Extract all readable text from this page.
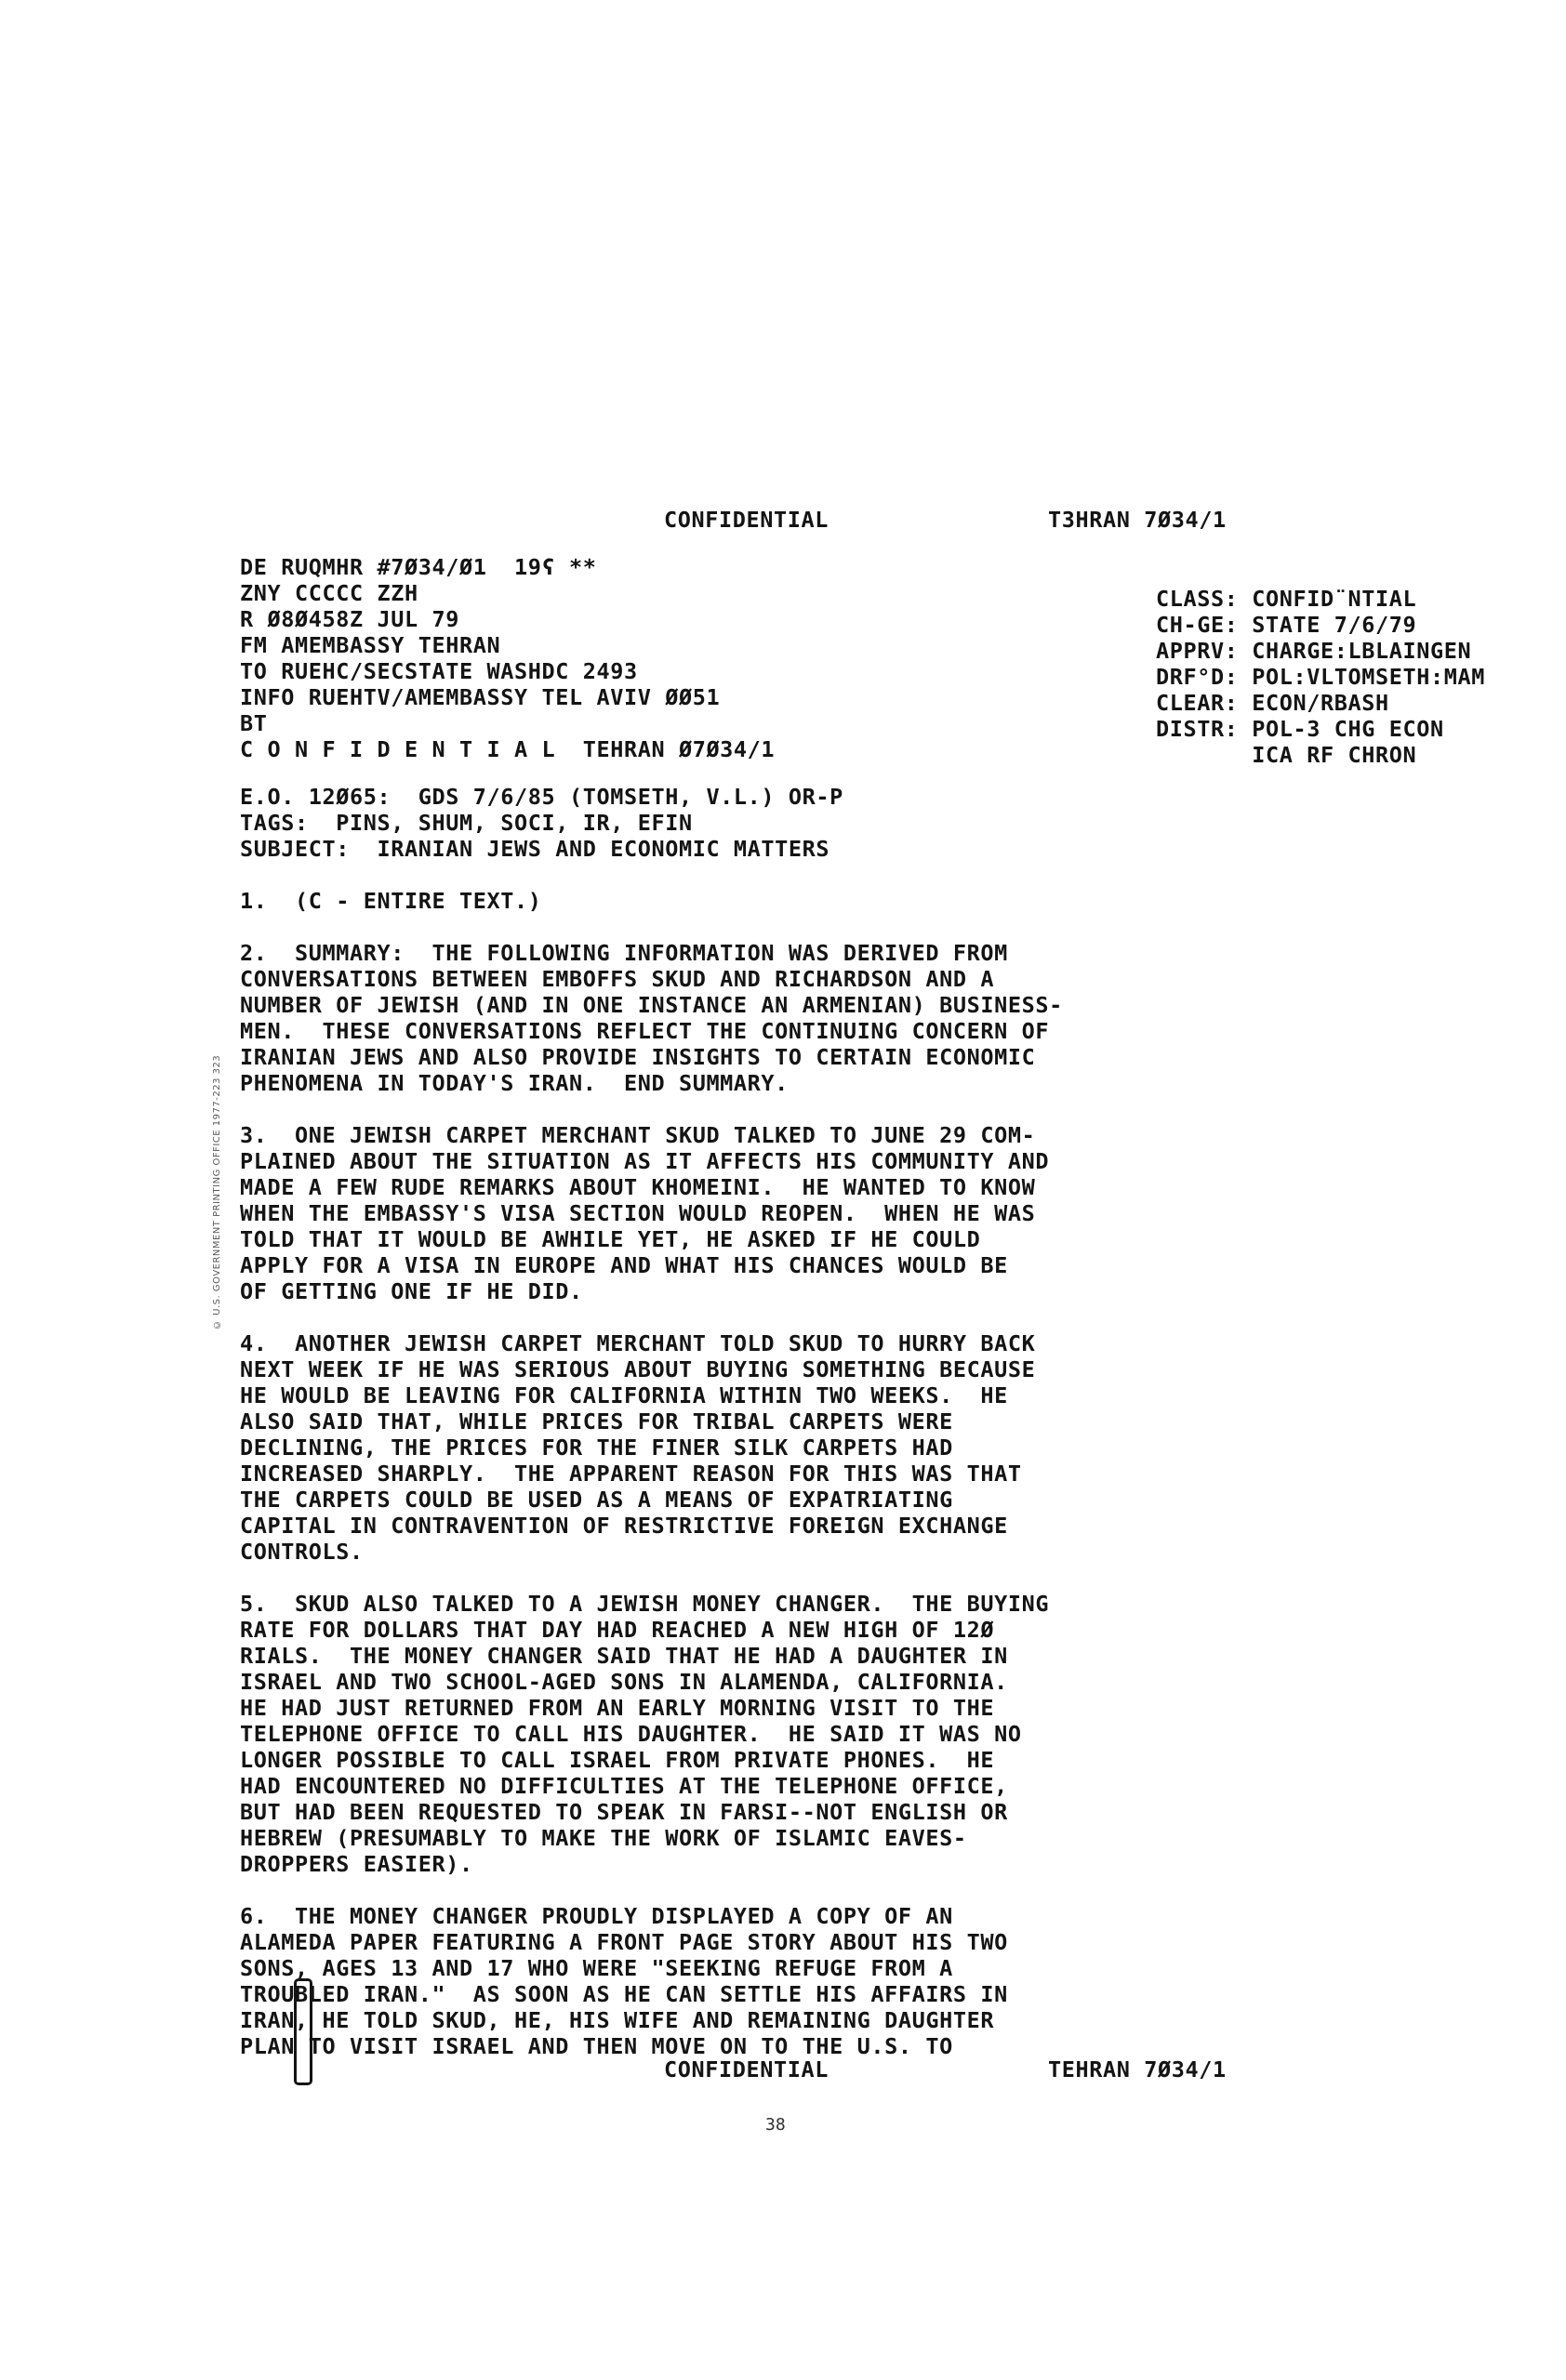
CONFIDENTIAL	T3HRAN 7Ø34/1
DE RUQMHR #7Ø34/Ø1  19ʕ **
ZNY CCCCC ZZH
R Ø8Ø458Z JUL 79
FM AMEMBASSY TEHRAN
TO RUEHC/SECSTATE WASHDC 2493
INFO RUEHTV/AMEMBASSY TEL AVIV ØØ51
BT
C O N F I D E N T I A L  TEHRAN Ø7Ø34/1
CLASS: CONFID¨NTIAL
CH-GE: STATE 7/6/79
APPRV: CHARGE:LBLAINGEN
DRF°D: POL:VLTOMSETH:MAM
CLEAR: ECON/RBASH
DISTR: POL-3 CHG ECON
ICA RF CHRON

E.O. 12Ø65:  GDS 7/6/85 (TOMSETH, V.L.) OR-P
TAGS:  PINS, SHUM, SOCI, IR, EFIN
SUBJECT:  IRANIAN JEWS AND ECONOMIC MATTERS

1.  (C - ENTIRE TEXT.)

2.  SUMMARY:  THE FOLLOWING INFORMATION WAS DERIVED FROM
CONVERSATIONS BETWEEN EMBOFFS SKUD AND RICHARDSON AND A
NUMBER OF JEWISH (AND IN ONE INSTANCE AN ARMENIAN) BUSINESS-
MEN.  THESE CONVERSATIONS REFLECT THE CONTINUING CONCERN OF
IRANIAN JEWS AND ALSO PROVIDE INSIGHTS TO CERTAIN ECONOMIC
PHENOMENA IN TODAY'S IRAN.  END SUMMARY.

3.  ONE JEWISH CARPET MERCHANT SKUD TALKED TO JUNE 29 COM-
PLAINED ABOUT THE SITUATION AS IT AFFECTS HIS COMMUNITY AND
MADE A FEW RUDE REMARKS ABOUT KHOMEINI.  HE WANTED TO KNOW
WHEN THE EMBASSY'S VISA SECTION WOULD REOPEN.  WHEN HE WAS
TOLD THAT IT WOULD BE AWHILE YET, HE ASKED IF HE COULD
APPLY FOR A VISA IN EUROPE AND WHAT HIS CHANCES WOULD BE
OF GETTING ONE IF HE DID.

4.  ANOTHER JEWISH CARPET MERCHANT TOLD SKUD TO HURRY BACK
NEXT WEEK IF HE WAS SERIOUS ABOUT BUYING SOMETHING BECAUSE
HE WOULD BE LEAVING FOR CALIFORNIA WITHIN TWO WEEKS.  HE
ALSO SAID THAT, WHILE PRICES FOR TRIBAL CARPETS WERE
DECLINING, THE PRICES FOR THE FINER SILK CARPETS HAD
INCREASED SHARPLY.  THE APPARENT REASON FOR THIS WAS THAT
THE CARPETS COULD BE USED AS A MEANS OF EXPATRIATING
CAPITAL IN CONTRAVENTION OF RESTRICTIVE FOREIGN EXCHANGE
CONTROLS.

5.  SKUD ALSO TALKED TO A JEWISH MONEY CHANGER.  THE BUYING
RATE FOR DOLLARS THAT DAY HAD REACHED A NEW HIGH OF 12Ø
RIALS.  THE MONEY CHANGER SAID THAT HE HAD A DAUGHTER IN
ISRAEL AND TWO SCHOOL-AGED SONS IN ALAMENDA, CALIFORNIA.
HE HAD JUST RETURNED FROM AN EARLY MORNING VISIT TO THE
TELEPHONE OFFICE TO CALL HIS DAUGHTER.  HE SAID IT WAS NO
LONGER POSSIBLE TO CALL ISRAEL FROM PRIVATE PHONES.  HE
HAD ENCOUNTERED NO DIFFICULTIES AT THE TELEPHONE OFFICE,
BUT HAD BEEN REQUESTED TO SPEAK IN FARSI--NOT ENGLISH OR
HEBREW (PRESUMABLY TO MAKE THE WORK OF ISLAMIC EAVES-
DROPPERS EASIER).

6.  THE MONEY CHANGER PROUDLY DISPLAYED A COPY OF AN
ALAMEDA PAPER FEATURING A FRONT PAGE STORY ABOUT HIS TWO
SONS, AGES 13 AND 17 WHO WERE "SEEKING REFUGE FROM A
TROUBLED IRAN."  AS SOON AS HE CAN SETTLE HIS AFFAIRS IN
IRAN, HE TOLD SKUD, HE, HIS WIFE AND REMAINING DAUGHTER
PLAN TO VISIT ISRAEL AND THEN MOVE ON TO THE U.S. TO

© U.S. GOVERNMENT PRINTING OFFICE 1977-223 323
CONFIDENTIAL	TEHRAN 7Ø34/1
38
